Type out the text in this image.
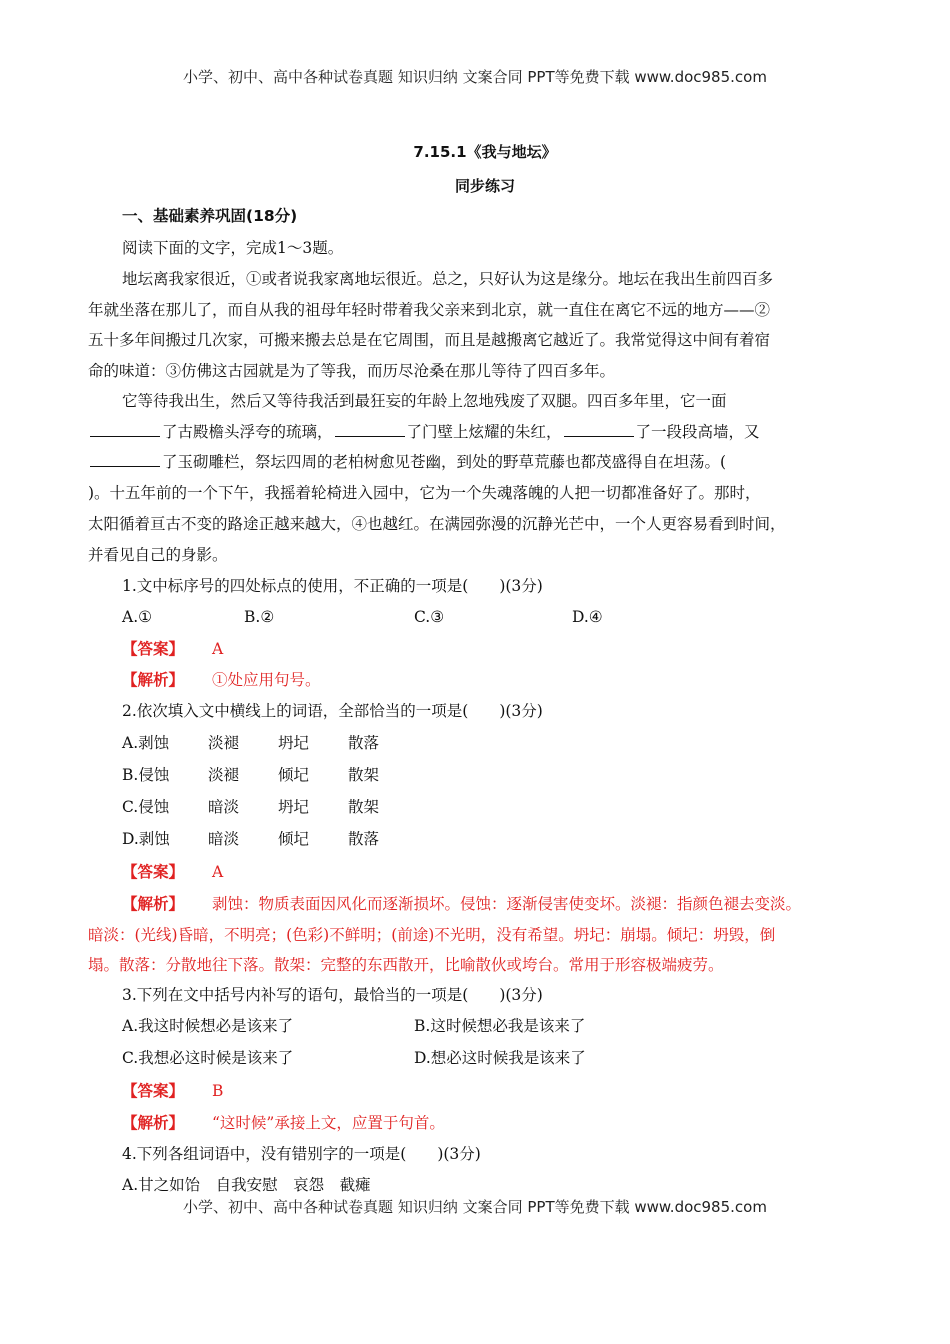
小学、初中、高中各种试卷真题 知识归纳 文案合同 PPT等免费下载 www.doc985.com
7.15.1《我与地坛》
同步练习
一、基础素养巩固(18分)
阅读下面的文字，完成1～3题。
地坛离我家很近，①或者说我家离地坛很近。总之，只好认为这是缘分。地坛在我出生前四百多
年就坐落在那儿了，而自从我的祖母年轻时带着我父亲来到北京，就一直住在离它不远的地方——②
五十多年间搬过几次家，可搬来搬去总是在它周围，而且是越搬离它越近了。我常觉得这中间有着宿
命的味道：③仿佛这古园就是为了等我，而历尽沧桑在那儿等待了四百多年。
它等待我出生，然后又等待我活到最狂妄的年龄上忽地残废了双腿。四百多年里，它一面
了古殿檐头浮夸的琉璃，	了门壁上炫耀的朱红，	了一段段高墙，又
了玉砌雕栏，祭坛四周的老柏树愈见苍幽，到处的野草荒藤也都茂盛得自在坦荡。(
)。十五年前的一个下午，我摇着轮椅进入园中，它为一个失魂落魄的人把一切都准备好了。那时，
太阳循着亘古不变的路途正越来越大，④也越红。在满园弥漫的沉静光芒中，一个人更容易看到时间，
并看见自己的身影。
1.文中标序号的四处标点的使用，不正确的一项是(　　)(3分)
A.①	B.②	C.③	D.④
【答案】 A
【解析】 ①处应用句号。
2.依次填入文中横线上的词语，全部恰当的一项是(　　)(3分)
A.剥蚀	淡褪	坍圮	散落
B.侵蚀 淡褪	倾圮	散架
C.侵蚀	暗淡	坍圮	散架
D.剥蚀 暗淡	倾圮	散落
【答案】 A
【解析】 剥蚀：物质表面因风化而逐渐损坏。侵蚀：逐渐侵害使变坏。淡褪：指颜色褪去变淡。
暗淡：(光线)昏暗，不明亮；(色彩)不鲜明；(前途)不光明，没有希望。坍圮：崩塌。倾圮：坍毁，倒
塌。散落：分散地往下落。散架：完整的东西散开，比喻散伙或垮台。常用于形容极端疲劳。
3.下列在文中括号内补写的语句，最恰当的一项是(　　)(3分)
A.我这时候想必是该来了	B.这时候想必我是该来了
C.我想必这时候是该来了	D.想必这时候我是该来了
【答案】 B
【解析】 “这时候”承接上文，应置于句首。
4.下列各组词语中，没有错别字的一项是(　　)(3分)
A.甘之如饴　自我安慰　哀怨　截瘫
小学、初中、高中各种试卷真题 知识归纳 文案合同 PPT等免费下载 www.doc985.com
